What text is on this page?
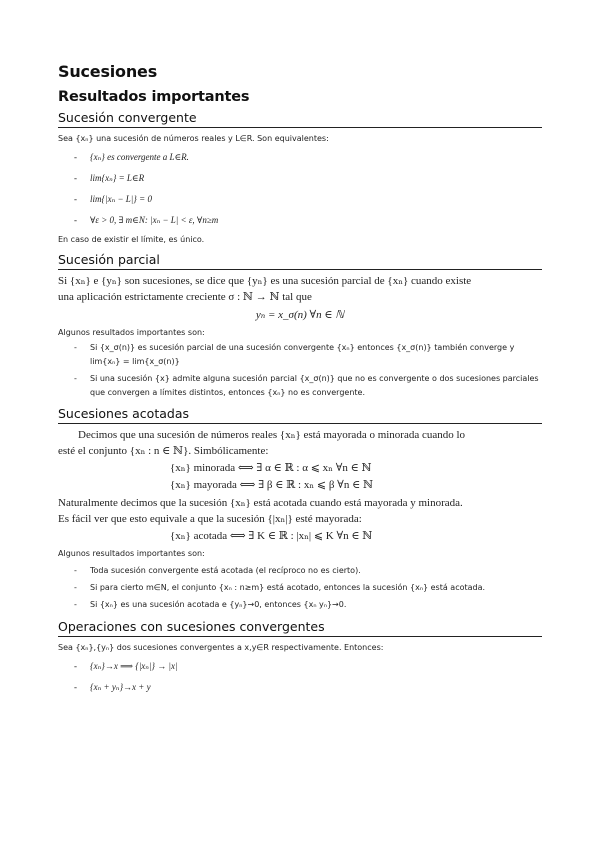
Sucesiones
Resultados importantes
Sucesión convergente
Sea {xₙ} una sucesión de números reales y L∈R. Son equivalentes:
- {xₙ} es convergente a L∈R.
- lim{xₙ} = L∈R
- lim{|xₙ − L|} = 0
- ∀ε > 0, ∃ m∈N: |xₙ − L| < ε, ∀n≥m
En caso de existir el límite, es único.
Sucesión parcial
Si {xₙ} e {yₙ} son sucesiones, se dice que {yₙ} es una sucesión parcial de {xₙ} cuando existe
una aplicación estrictamente creciente σ : ℕ → ℕ tal que
yₙ = x_σ(n) ∀n ∈ ℕ
Algunos resultados importantes son:
- Si {x_σ(n)} es sucesión parcial de una sucesión convergente {xₙ} entonces {x_σ(n)} también converge y lim{xₙ} = lim{x_σ(n)}
- Si una sucesión {x} admite alguna sucesión parcial {x_σ(n)} que no es convergente o dos sucesiones parciales que convergen a límites distintos, entonces {xₙ} no es convergente.
Sucesiones acotadas
Decimos que una sucesión de números reales {xₙ} está mayorada o minorada cuando lo
esté el conjunto {xₙ : n ∈ ℕ}. Simbólicamente:
{xₙ} minorada ⟺ ∃ α ∈ ℝ : α ⩽ xₙ ∀n ∈ ℕ
{xₙ} mayorada ⟺ ∃ β ∈ ℝ : xₙ ⩽ β ∀n ∈ ℕ
Naturalmente decimos que la sucesión {xₙ} está acotada cuando está mayorada y minorada.
Es fácil ver que esto equivale a que la sucesión {|xₙ|} esté mayorada:
{xₙ} acotada ⟺ ∃ K ∈ ℝ : |xₙ| ⩽ K ∀n ∈ ℕ
Algunos resultados importantes son:
- Toda sucesión convergente está acotada (el recíproco no es cierto).
- Si para cierto m∈N, el conjunto {xₙ : n≥m} está acotado, entonces la sucesión {xₙ} está acotada.
- Si {xₙ} es una sucesión acotada e {yₙ}→0, entonces {xₙ yₙ}→0.
Operaciones con sucesiones convergentes
Sea {xₙ},{yₙ} dos sucesiones convergentes a x,y∈R respectivamente. Entonces:
- {xₙ}→x ⟹ {|xₙ|} → |x|
- {xₙ + yₙ}→x + y
